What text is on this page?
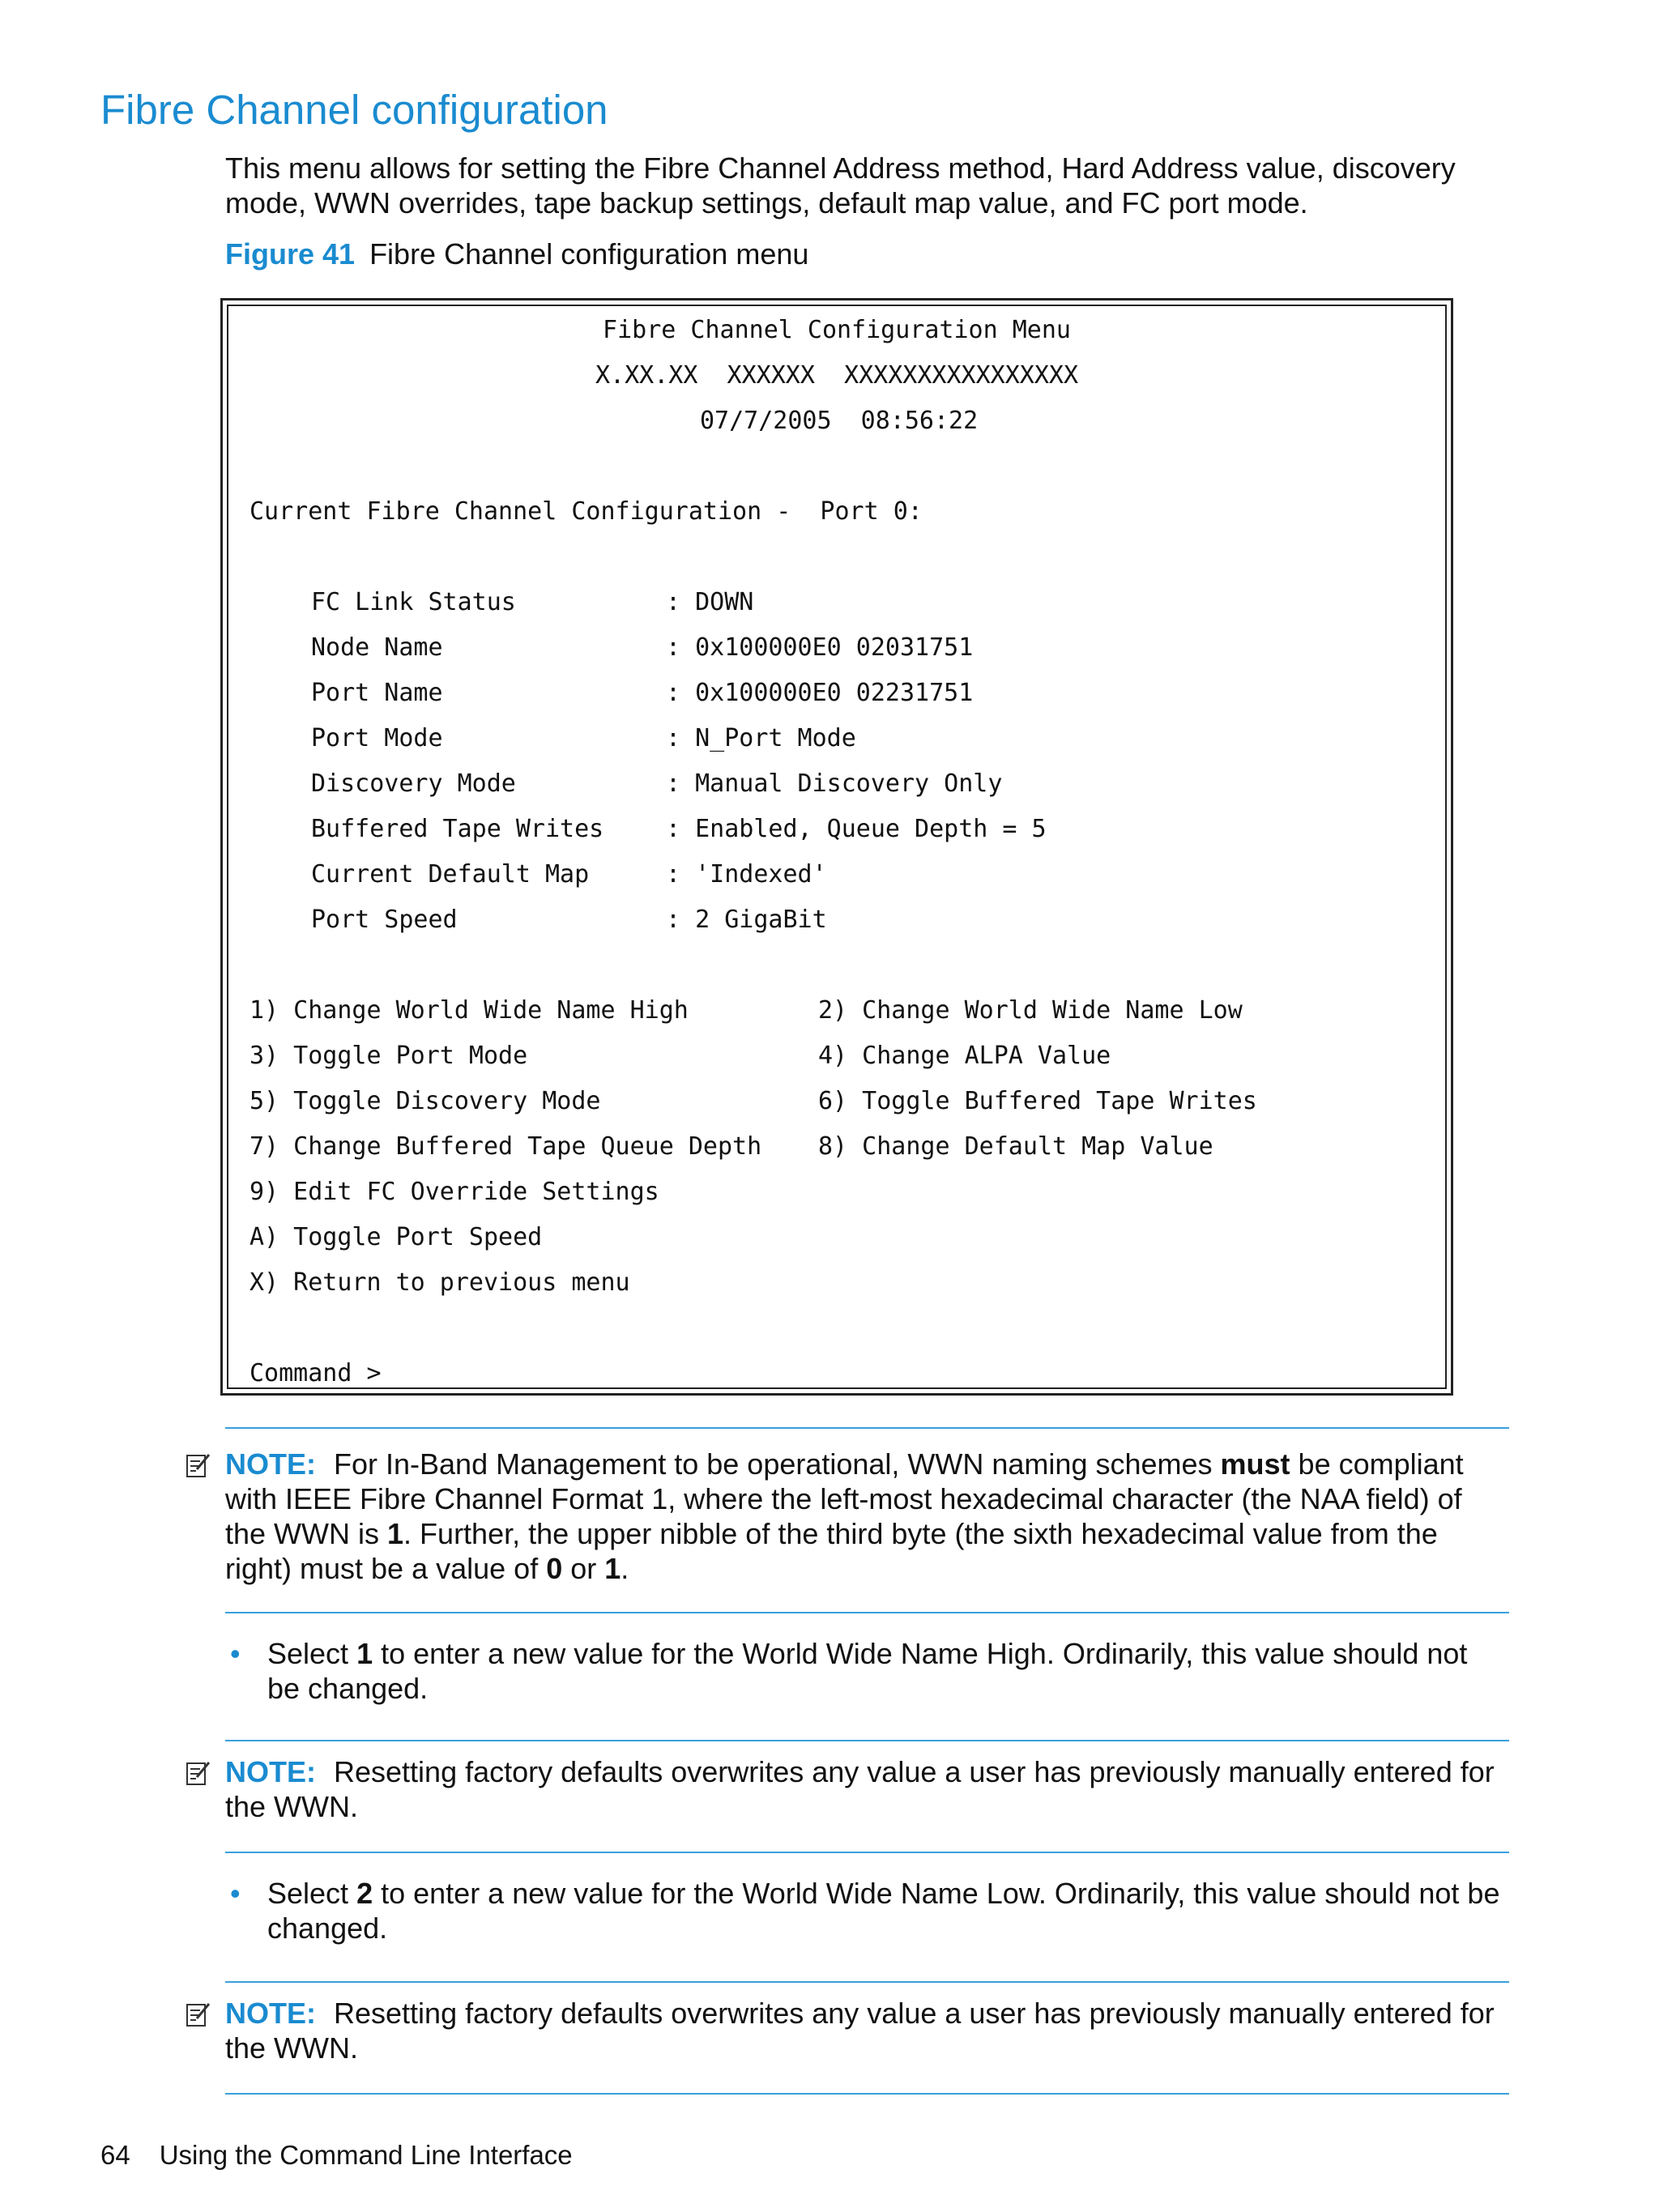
Fibre Channel configuration

This menu allows for setting the Fibre Channel Address method, Hard Address value, discovery mode, WWN overrides, tape backup settings, default map value, and FC port mode.

Figure 41 Fibre Channel configuration menu
Fibre Channel Configuration Menu
X.XX.XX  XXXXXX  XXXXXXXXXXXXXXXX
07/7/2005  08:56:22
Current Fibre Channel Configuration -  Port 0:
FC Link Status	: DOWN
Node Name	: 0x100000E0 02031751
Port Name	: 0x100000E0 02231751
Port Mode	: N_Port Mode
Discovery Mode	: Manual Discovery Only
Buffered Tape Writes	: Enabled, Queue Depth = 5
Current Default Map	: 'Indexed'
Port Speed	: 2 GigaBit
1) Change World Wide Name High	2) Change World Wide Name Low
3) Toggle Port Mode	4) Change ALPA Value
5) Toggle Discovery Mode	6) Toggle Buffered Tape Writes
7) Change Buffered Tape Queue Depth 8) Change Default Map Value
9) Edit FC Override Settings
A) Toggle Port Speed
X) Return to previous menu
Command >

NOTE: For In-Band Management to be operational, WWN naming schemes must be compliant with IEEE Fibre Channel Format 1, where the left-most hexadecimal character (the NAA field) of the WWN is 1. Further, the upper nibble of the third byte (the sixth hexadecimal value from the right) must be a value of 0 or 1.

• Select 1 to enter a new value for the World Wide Name High. Ordinarily, this value should not be changed.

NOTE: Resetting factory defaults overwrites any value a user has previously manually entered for the WWN.

• Select 2 to enter a new value for the World Wide Name Low. Ordinarily, this value should not be changed.

NOTE: Resetting factory defaults overwrites any value a user has previously manually entered for the WWN.

64 Using the Command Line Interface
